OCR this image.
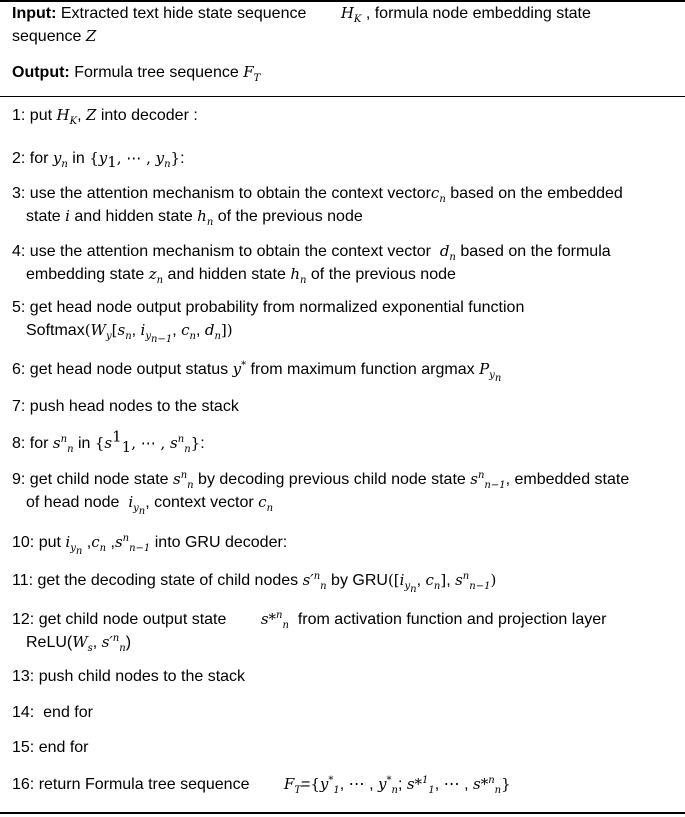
Input: Extracted text hide state sequence $H_K$ , formula node embedding state
sequence Z
Output: Formula tree sequence $F_T$
1: put $H_K$, Z into decoder :
2: for $y_n$ in {$y_1$, ⋯ , $y_n$}:
3: use the attention mechanism to obtain the context vectorc$_n$ based on the embedded
state i and hidden state $h_n$ of the previous node
4: use the attention mechanism to obtain the context vector  $d_n$ based on the formula
embedding state $z_n$ and hidden state $h_n$ of the previous node
5: get head node output probability from normalized exponential function
$Softmax(W_y[s_n$, $i_{y_{n-1}}$, $c_n$, $d_n$])
6: get head node output status y* from maximum function argmax $P_{y_n}$
7: push head nodes to the stack
8: for $s^n_n$ in {$s^1_1$, ⋯ , $s^n_n$}:
9: get child node state $s^n_n$ by decoding previous child node state $s^n_{n-1}$, embedded state
of head node  $i_{y_n}$, context vector $c_n$
10: put $i_{y_n}$ $,c_n$ $,s^n_{n-1}$ into GRU decoder:
11: get the decoding state of child nodes $s'^n_n$ by $GRU([i_{y_n}$, $c_n$], $s^n_{n-1}$)
12: get child node output state s*$^n_n$  from activation function and projection layer
$ReLU(W_s$, $s'^n_n$)
13: push child nodes to the stack
14:  end for
15: end for
16: return Formula tree sequence $F_T=\{y^*_1$, ⋯ , $y^*_n$; s*$^1_1$, ⋯ , s*$^n_n$}
